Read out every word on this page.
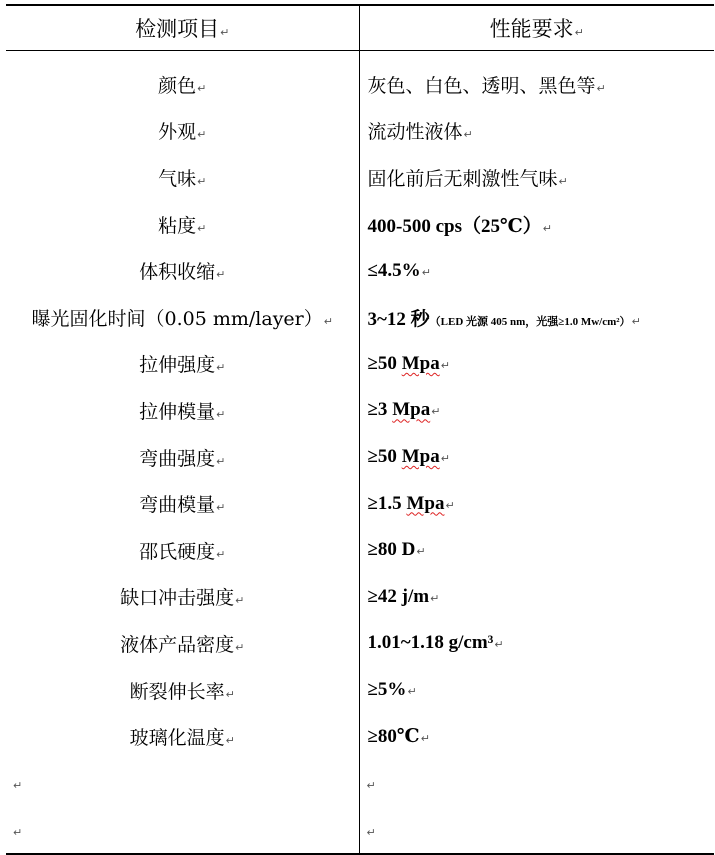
检测项目↵	性能要求↵
颜色↵	灰色、白色、透明、黑色等↵
外观↵	流动性液体↵
气味↵	固化前后无刺激性气味↵
粘度↵	400-500 cps（25℃）↵
体积收缩↵	≤4.5%↵
曝光固化时间（0.05 mm/layer）↵	3~12 秒（LED 光源 405 nm，光强≥1.0 Mw/cm²）↵
拉伸强度↵	≥50 Mpa↵
拉伸模量↵	≥3 Mpa↵
弯曲强度↵	≥50 Mpa↵
弯曲模量↵	≥1.5 Mpa↵
邵氏硬度↵	≥80 D↵
缺口冲击强度↵	≥42 j/m↵
液体产品密度↵	1.01~1.18 g/cm³↵
断裂伸长率↵	≥5%↵
玻璃化温度↵	≥80℃↵
↵	↵
↵	↵
